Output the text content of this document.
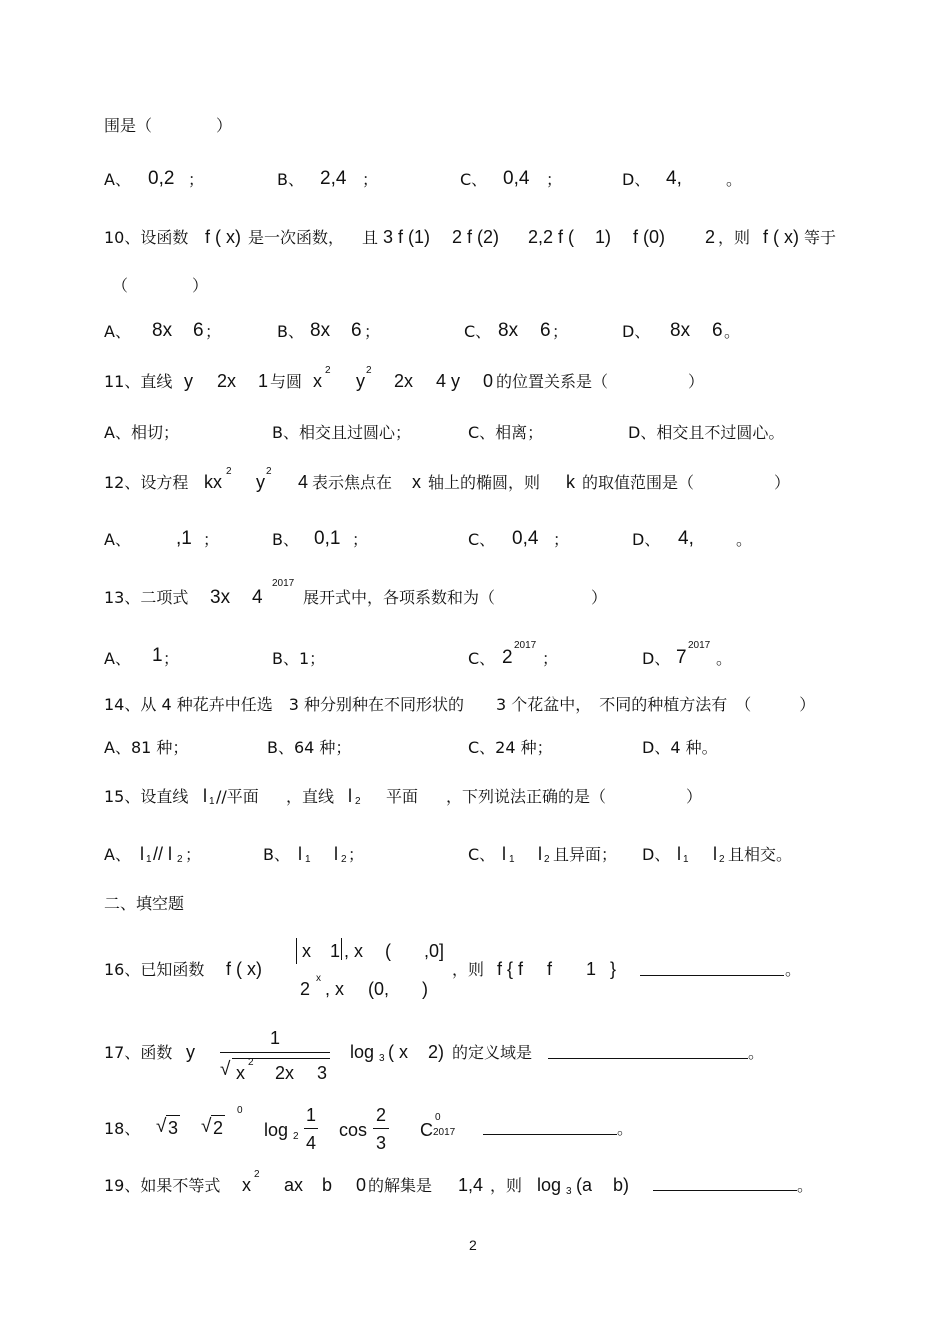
围是（　　　　）
A、 0,2 ；	B、 2,4 ；	C、 0,4 ；	D、 4,	。
10、设函数 f ( x) 是一次函数， 且 3 f (1) 2 f (2) 2,2 f ( 1) f (0) 2 ，则 f ( x) 等于
（　　　　）
A、 8x 6 ；	B、 8x 6 ；	C、 8x 6 ；	D、 8x 6 。
11、直线 y 2x 1 与圆 x
2
y
2
2x 4 y 0 的位置关系是（　　　　　）
A、相切；	B、相交且过圆心；	C、相离；	D、相交且不过圆心。
12、设方程 kx
2
y
2
4 表示焦点在 x 轴上的椭圆，则 k 的取值范围是（　　　　　）
A、 ,1 ；	B、 0,1 ；	C、 0,4 ；	D、 4,	。
13、二项式 3x 4
2017
展开式中，各项系数和为（　　　　　　）
A、 1 ；	B、1；	C、 2
2017
；	D、 7
2017
。
14、从 4 种花卉中任选　3 种分别种在不同形状的　　3 个花盆中，　不同的种植方法有　（　　　）
A、81 种；	B、64 种；	C、24 种；	D、4 种。
15、设直线 l 1 //平面 ，直线 l 2 平面 ，下列说法正确的是（　　　　　）
A、 l 1 // l 2 ；	B、 l 1 l 2 ；	C、 l 1 l 2 且异面； D、 l 1 l 2 且相交。
二、填空题
16、已知函数 f ( x)
x 1 , x ( ,0]
2
x
, x (0, )
，则 f { f f 1 }	。
17、函数 y
1
√ x
2
2x 3
log 3 ( x 2) 的定义域是	。
18、 √ 3 √ 2
0
log 2
1
4
cos
2
3
C
0
2017	。
19、如果不等式 x
2
ax b 0 的解集是 1,4 ，则 log 3 (a b)	。
2
